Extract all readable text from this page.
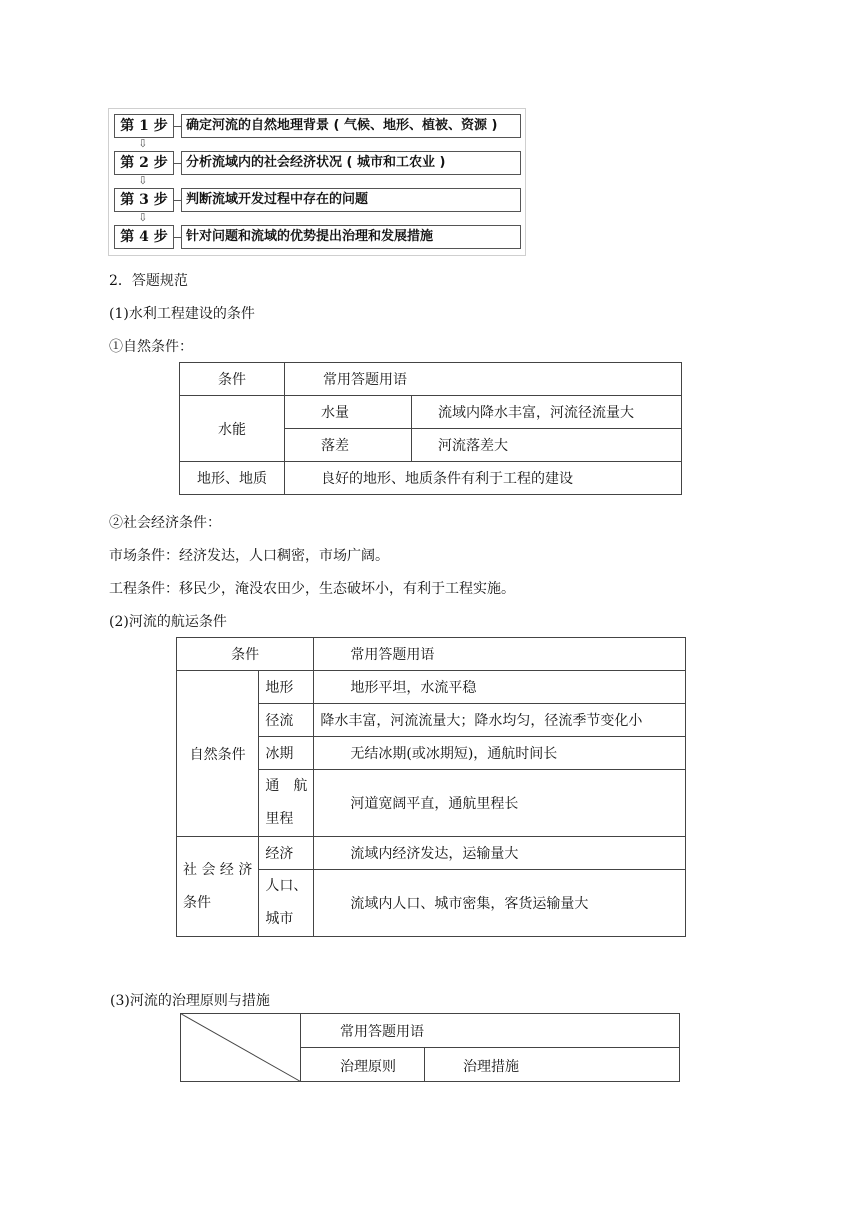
第 1 步	确定河流的自然地理背景 ( 气候、地形、植被、资源 )
⇩
第 2 步	分析流域内的社会经济状况 ( 城市和工农业 )
⇩
第 3 步	判断流域开发过程中存在的问题
⇩
第 4 步	针对问题和流域的优势提出治理和发展措施
2．答题规范
(1)水利工程建设的条件
①自然条件：
条件	常用答题用语	
水能	水量	流域内降水丰富，河流径流量大
	落差	河流落差大
地形、地质	良好的地形、地质条件有利于工程的建设	
②社会经济条件：
市场条件：经济发达，人口稠密，市场广阔。
工程条件：移民少，淹没农田少，生态破坏小，有利于工程实施。
(2)河流的航运条件
条件		常用答题用语
自然条件	地形	地形平坦，水流平稳
	径流	降水丰富，河流流量大；降水均匀，径流季节变化小
	冰期	无结冰期(或冰期短)，通航时间长

	通　航
里程	河道宽阔平直，通航里程长

社 会 经 济
条件	经济	流域内经济发达，运输量大

	人口、
城市	流域内人口、城市密集，客货运输量大
(3)河流的治理原则与措施
常用答题用语
治理原则	治理措施
